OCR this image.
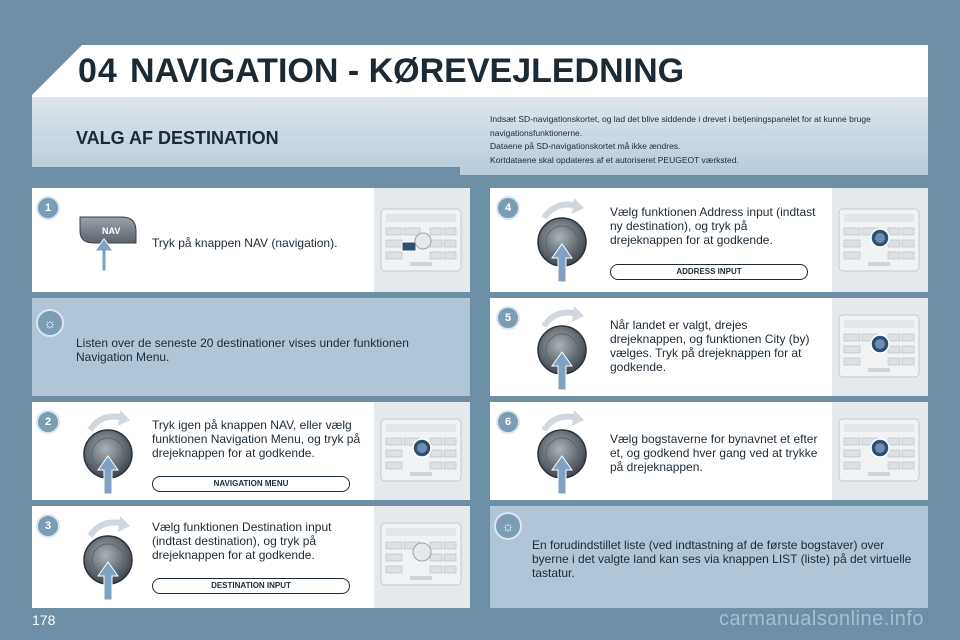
04 NAVIGATION - KØREVEJLEDNING
VALG AF DESTINATION
Indsæt SD-navigationskortet, og lad det blive siddende i drevet i betjeningspanelet for at kunne bruge navigationsfunktionerne.
Dataene på SD-navigationskortet må ikke ændres.
Kortdataene skal opdateres af et autoriseret PEUGEOT værksted.
1
NAV
Tryk på knappen NAV (navigation).
☼
Listen over de seneste 20 destinationer vises under funktionen Navigation Menu.
2	Tryk igen på knappen NAV, eller vælg funktionen Navigation Menu, og tryk på drejeknappen for at godkende.
NAVIGATION MENU
3	Vælg funktionen Destination input (indtast destination), og tryk på drejeknappen for at godkende.
DESTINATION INPUT
4	Vælg funktionen Address input (indtast ny destination), og tryk på drejeknappen for at godkende.
ADDRESS INPUT
5	Når landet er valgt, drejes drejeknappen, og funktionen City (by) vælges. Tryk på drejeknappen for at godkende.
6
Vælg bogstaverne for bynavnet et efter et, og godkend hver gang ved at trykke på drejeknappen.
☼
En forudindstillet liste (ved indtastning af de første bogstaver) over byerne i det valgte land kan ses via knappen LIST (liste) på det virtuelle tastatur.
178	carmanualsonline.info
